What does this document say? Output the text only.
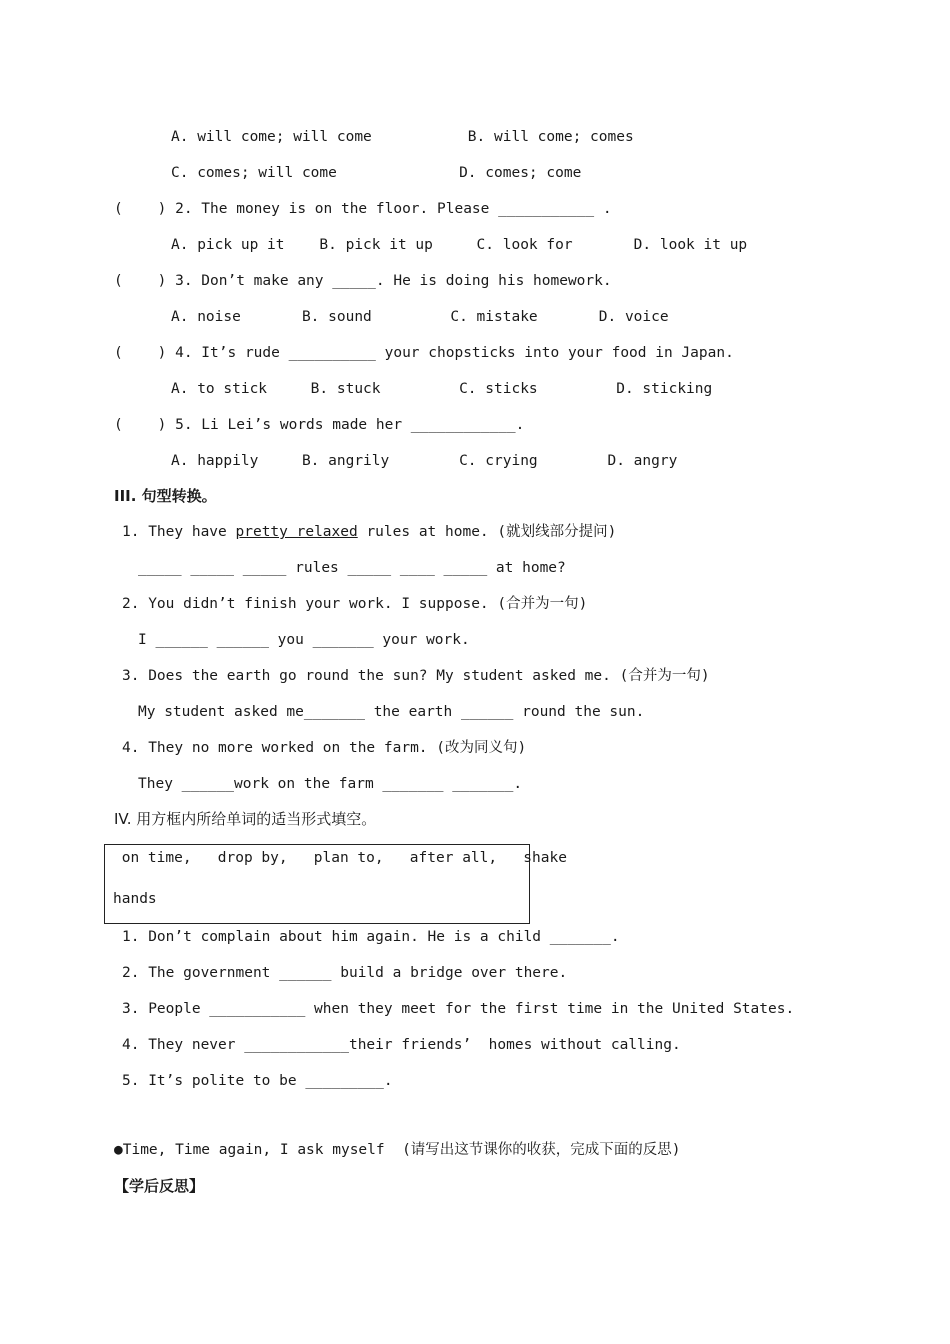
A. will come; will come           B. will come; comes
C. comes; will come              D. comes; come
(    ) 2. The money is on the floor. Please ___________ .
A. pick up it    B. pick it up     C. look for       D. look it up
(    ) 3. Don’t make any _____. He is doing his homework.
A. noise       B. sound         C. mistake       D. voice
(    ) 4. It’s rude __________ your chopsticks into your food in Japan.
A. to stick     B. stuck         C. sticks         D. sticking
(    ) 5. Li Lei’s words made her ____________.
A. happily     B. angrily        C. crying        D. angry
III. 句型转换。
1. They have pretty relaxed rules at home. (就划线部分提问)
_____ _____ _____ rules _____ ____ _____ at home?
2. You didn’t finish your work. I suppose. (合并为一句)
I ______ ______ you _______ your work.
3. Does the earth go round the sun? My student asked me. (合并为一句)
My student asked me_______ the earth ______ round the sun.
4. They no more worked on the farm. (改为同义句)
They ______work on the farm _______ _______.
IV. 用方框内所给单词的适当形式填空。
on time,   drop by,   plan to,   after all,   shake
hands
1. Don’t complain about him again. He is a child _______.
2. The government ______ build a bridge over there.
3. People ___________ when they meet for the first time in the United States.
4. They never ____________their friends’  homes without calling.
5. It’s polite to be _________.
●Time, Time again, I ask myself  (请写出这节课你的收获，完成下面的反思)
【学后反思】
